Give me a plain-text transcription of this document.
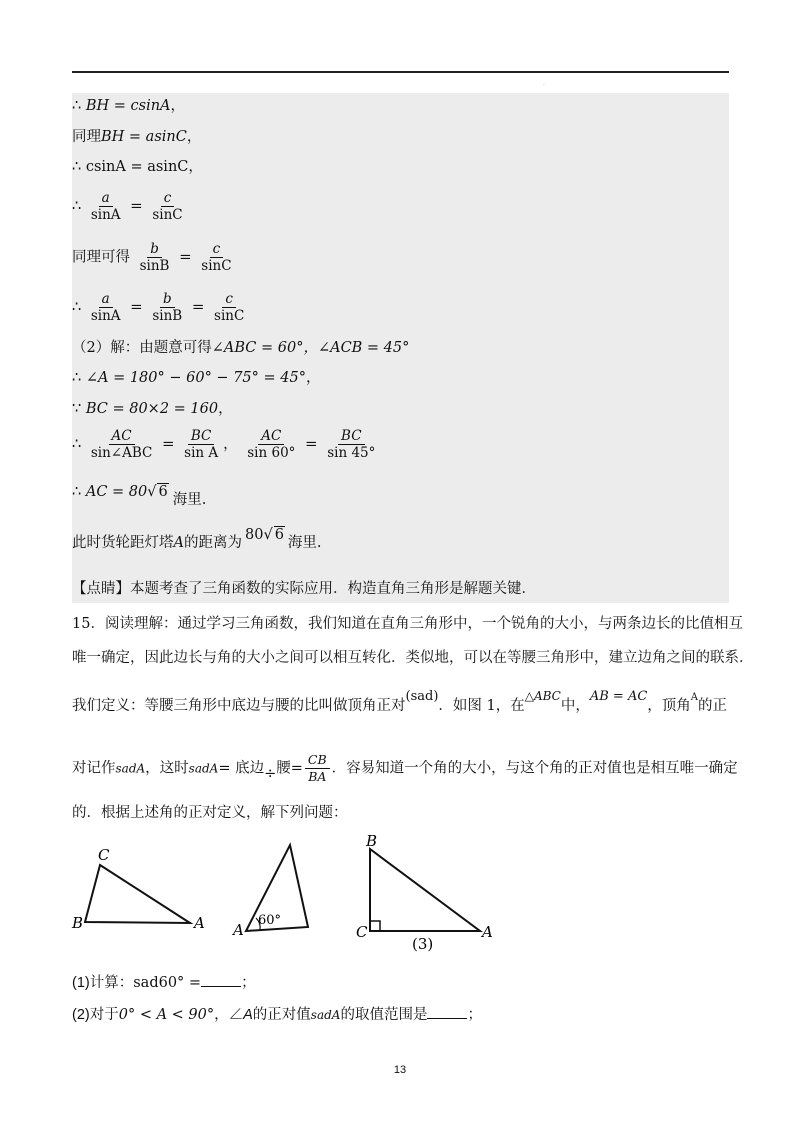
·
∴ BH = csinA，
同理BH = asinC，
∴ csinA = asinC，
∴ $\frac{a}{\sin A} = \frac{c}{\sin C}$
同理可得 $\frac{b}{\sin B} = \frac{c}{\sin C}$
∴ $\frac{a}{\sin A} = \frac{b}{\sin B} = \frac{c}{\sin C}$
（2）解：由题意可得∠ABC = 60°，∠ACB = 45°
∴ ∠A = 180° − 60° − 75° = 45°，
∵ BC = 80×2 = 160，
∴ $\frac{AC}{\text{sin∠ABC}} = \frac{BC}{\text{sin A}}$ ， $\frac{AC}{\sin 60^\circ} = \frac{BC}{\sin 45^\circ}$
∴ AC = 80√ 6 海里.
此时货轮距灯塔A的距离为 80√ 6 海里.
【点睛】本题考查了三角函数的实际应用．构造直角三角形是解题关键．
15．阅读理解：通过学习三角函数，我们知道在直角三角形中，一个锐角的大小，与两条边长的比值相互
唯一确定，因此边长与角的大小之间可以相互转化．类似地，可以在等腰三角形中，建立边角之间的联系．
我们定义：等腰三角形中底边与腰的比叫做顶角正对(sad)．如图 1，在$^{\triangle ABC}$中，AB = AC，顶角$^A$的正
对记作sadA，这时sadA= 底边÷腰= $\frac{CB}{BA}$ ．容易知道一个角的大小，与这个角的正对值也是相互唯一确定
的．根据上述角的正对定义，解下列问题：
C
B	A A
60°
B
C	A
(3)
(1)计算：sad60° =	；
(2)对于0° < A < 90°，∠A的正对值sadA的取值范围是	；
13
